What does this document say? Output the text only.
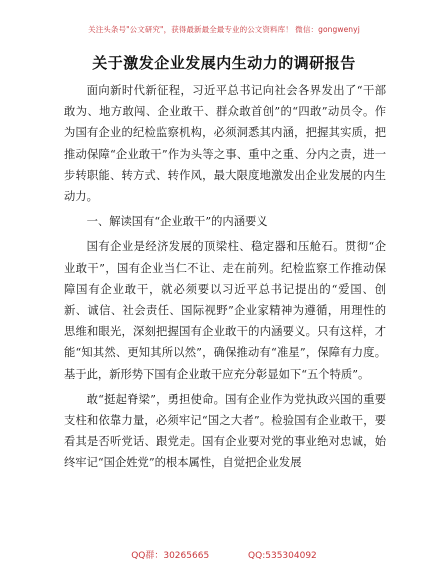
关注头条号"公文研究"，获得最新最全最专业的公文资料库！ 微信：gongwenyj
关于激发企业发展内生动力的调研报告

面向新时代新征程，习近平总书记向社会各界发出了“干部敢为、地方敢闯、企业敢干、群众敢首创”的“四敢”动员令。作为国有企业的纪检监察机构，必须洞悉其内涵，把握其实质，把推动保障“企业敢干”作为头等之事、重中之重、分内之责，进一步转职能、转方式、转作风，最大限度地激发出企业发展的内生动力。

一、解读国有“企业敢干”的内涵要义

国有企业是经济发展的顶梁柱、稳定器和压舱石。贯彻“企业敢干”，国有企业当仁不让、走在前列。纪检监察工作推动保障国有企业敢干，就必须要以习近平总书记提出的“爱国、创新、诚信、社会责任、国际视野”企业家精神为遵循，用理性的思维和眼光，深刻把握国有企业敢干的内涵要义。只有这样，才能“知其然、更知其所以然”，确保推动有“准星”，保障有力度。基于此，新形势下国有企业敢干应充分彰显如下“五个特质”。

敢“挺起脊梁”，勇担使命。国有企业作为党执政兴国的重要支柱和依靠力量，必须牢记“国之大者”。检验国有企业敢干，要看其是否听党话、跟党走。国有企业要对党的事业绝对忠诚，始终牢记“国企姓党”的根本属性，自觉把企业发展

QQ群：30265665	QQ:535304092
